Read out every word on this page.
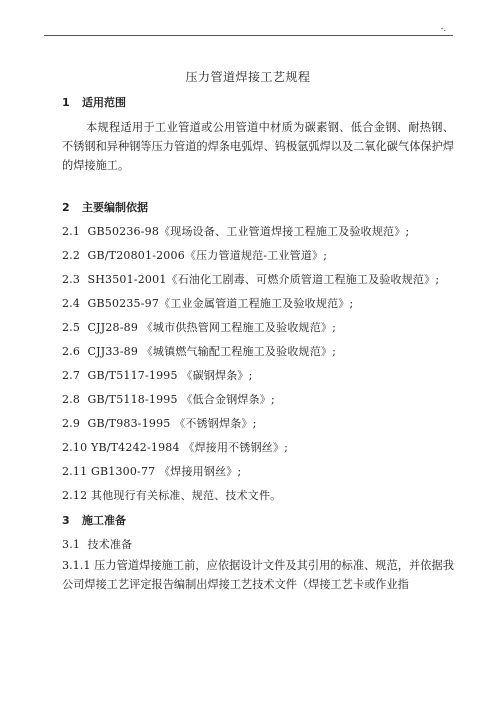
-.
压力管道焊接工艺规程
1 适用范围

本规程适用于工业管道或公用管道中材质为碳素钢、低合金钢、耐热钢、不锈钢和异种钢等压力管道的焊条电弧焊、钨极氩弧焊以及二氧化碳气体保护焊的焊接施工。

2 主要编制依据
2.1  GB50236-98《现场设备、工业管道焊接工程施工及验收规范》;
2.2  GB/T20801-2006《压力管道规范-工业管道》;
2.3  SH3501-2001《石油化工剧毒、可燃介质管道工程施工及验收规范》;
2.4  GB50235-97《工业金属管道工程施工及验收规范》;
2.5  CJJ28-89 《城市供热管网工程施工及验收规范》;
2.6  CJJ33-89 《城镇燃气输配工程施工及验收规范》;
2.7  GB/T5117-1995 《碳钢焊条》;
2.8  GB/T5118-1995 《低合金钢焊条》;
2.9  GB/T983-1995 《不锈钢焊条》;
2.10 YB/T4242-1984 《焊接用不锈钢丝》;
2.11 GB1300-77 《焊接用钢丝》;
2.12 其他现行有关标准、规范、技术文件。
3 施工准备
3.1  技术准备

3.1.1 压力管道焊接施工前，应依据设计文件及其引用的标准、规范，并依据我公司焊接工艺评定报告编制出焊接工艺技术文件（焊接工艺卡或作业指
